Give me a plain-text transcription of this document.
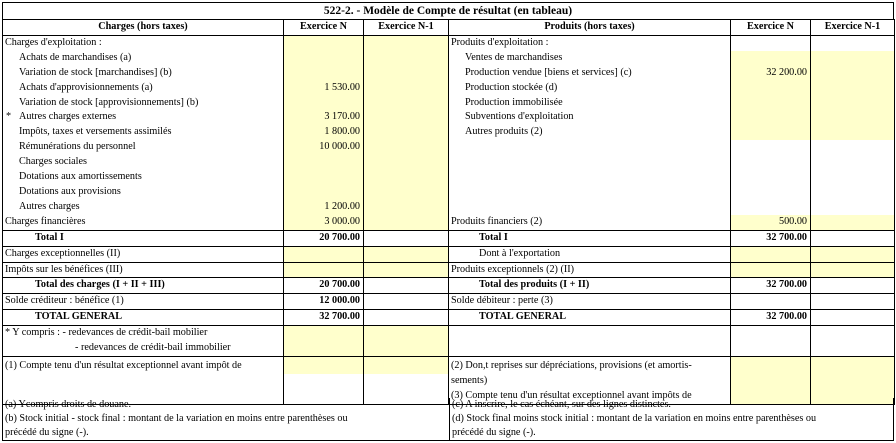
522-2. - Modèle de Compte de résultat (en tableau)
Charges (hors taxes)	Exercice N	Exercice N-1	Produits (hors taxes)	Exercice N	Exercice N-1
Charges d'exploitation :			Produits d'exploitation :		
Achats de marchandises (a)			Ventes de marchandises		
Variation de stock [marchandises] (b)			Production vendue [biens et services] (c)	32 200.00	
Achats d'approvisionnements (a)	1 530.00		Production stockée (d)		
Variation de stock [approvisionnements] (b)			Production immobilisée		

* Autres charges externes	3 170.00		Subventions d'exploitation		
Impôts, taxes et versements assimilés	1 800.00		Autres produits (2)		
Rémunérations du personnel	10 000.00				
Charges sociales					
Dotations aux amortissements					
Dotations aux provisions					
Autres charges	1 200.00				
Charges financières	3 000.00		Produits financiers (2)	500.00	
Total I	20 700.00		Total I	32 700.00	
Charges exceptionnelles (II)			Dont à l'exportation		
Impôts sur les bénéfices (III)			Produits exceptionnels (2) (II)		
Total des charges (I + II + III)	20 700.00		Total des produits (I + II)	32 700.00	
Solde créditeur : bénéfice (1)	12 000.00		Solde débiteur : perte (3)		
TOTAL GENERAL	32 700.00		TOTAL GENERAL	32 700.00	
* Y compris : - redevances de crédit-bail mobilier					
- redevances de crédit-bail immobilier					
(1) Compte tenu d'un résultat exceptionnel avant impôt de			(2) Don,t reprises sur dépréciations, provisions (et amortis-		
			sements)		
			(3) Compte tenu d'un résultat exceptionnel avant impôts de		
(a) Ycompris droits de douane.
(b) Stock initial - stock final : montant de la variation en moins entre parenthèses ou
précédé du signe (-).
(c) A inscrire, le cas échéant, sur des lignes distinctes.
(d) Stock final moins stock initial : montant de la variation en moins entre parenthèses ou
précédé du signe (-).
